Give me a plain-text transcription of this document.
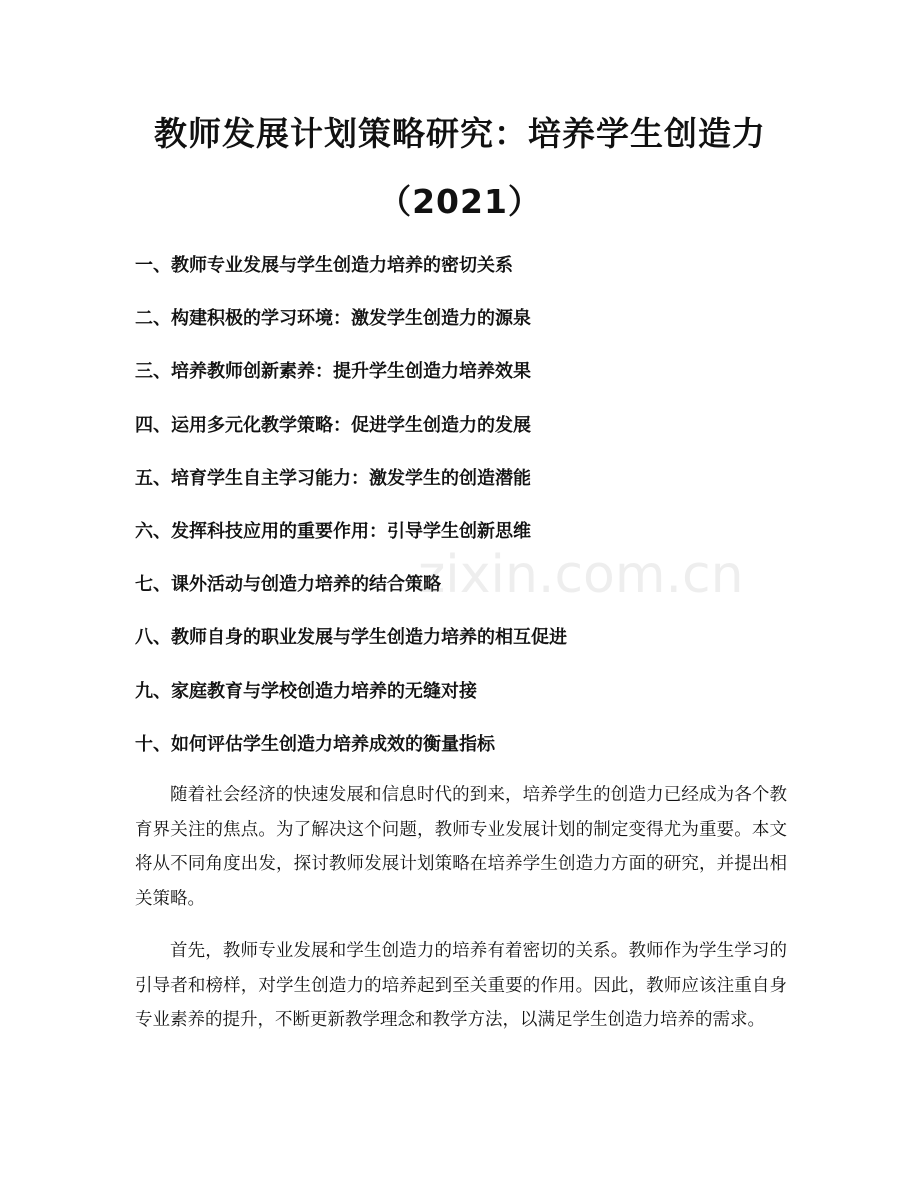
教师发展计划策略研究：培养学生创造力（2021）
一、教师专业发展与学生创造力培养的密切关系
二、构建积极的学习环境：激发学生创造力的源泉
三、培养教师创新素养：提升学生创造力培养效果
四、运用多元化教学策略：促进学生创造力的发展
五、培育学生自主学习能力：激发学生的创造潜能
六、发挥科技应用的重要作用：引导学生创新思维
七、课外活动与创造力培养的结合策略
八、教师自身的职业发展与学生创造力培养的相互促进
九、家庭教育与学校创造力培养的无缝对接
十、如何评估学生创造力培养成效的衡量指标

随着社会经济的快速发展和信息时代的到来，培养学生的创造力已经成为各个教育界关注的焦点。为了解决这个问题，教师专业发展计划的制定变得尤为重要。本文将从不同角度出发，探讨教师发展计划策略在培养学生创造力方面的研究，并提出相关策略。

首先，教师专业发展和学生创造力的培养有着密切的关系。教师作为学生学习的引导者和榜样，对学生创造力的培养起到至关重要的作用。因此，教师应该注重自身专业素养的提升，不断更新教学理念和教学方法，以满足学生创造力培养的需求。

zixin.com.cn
